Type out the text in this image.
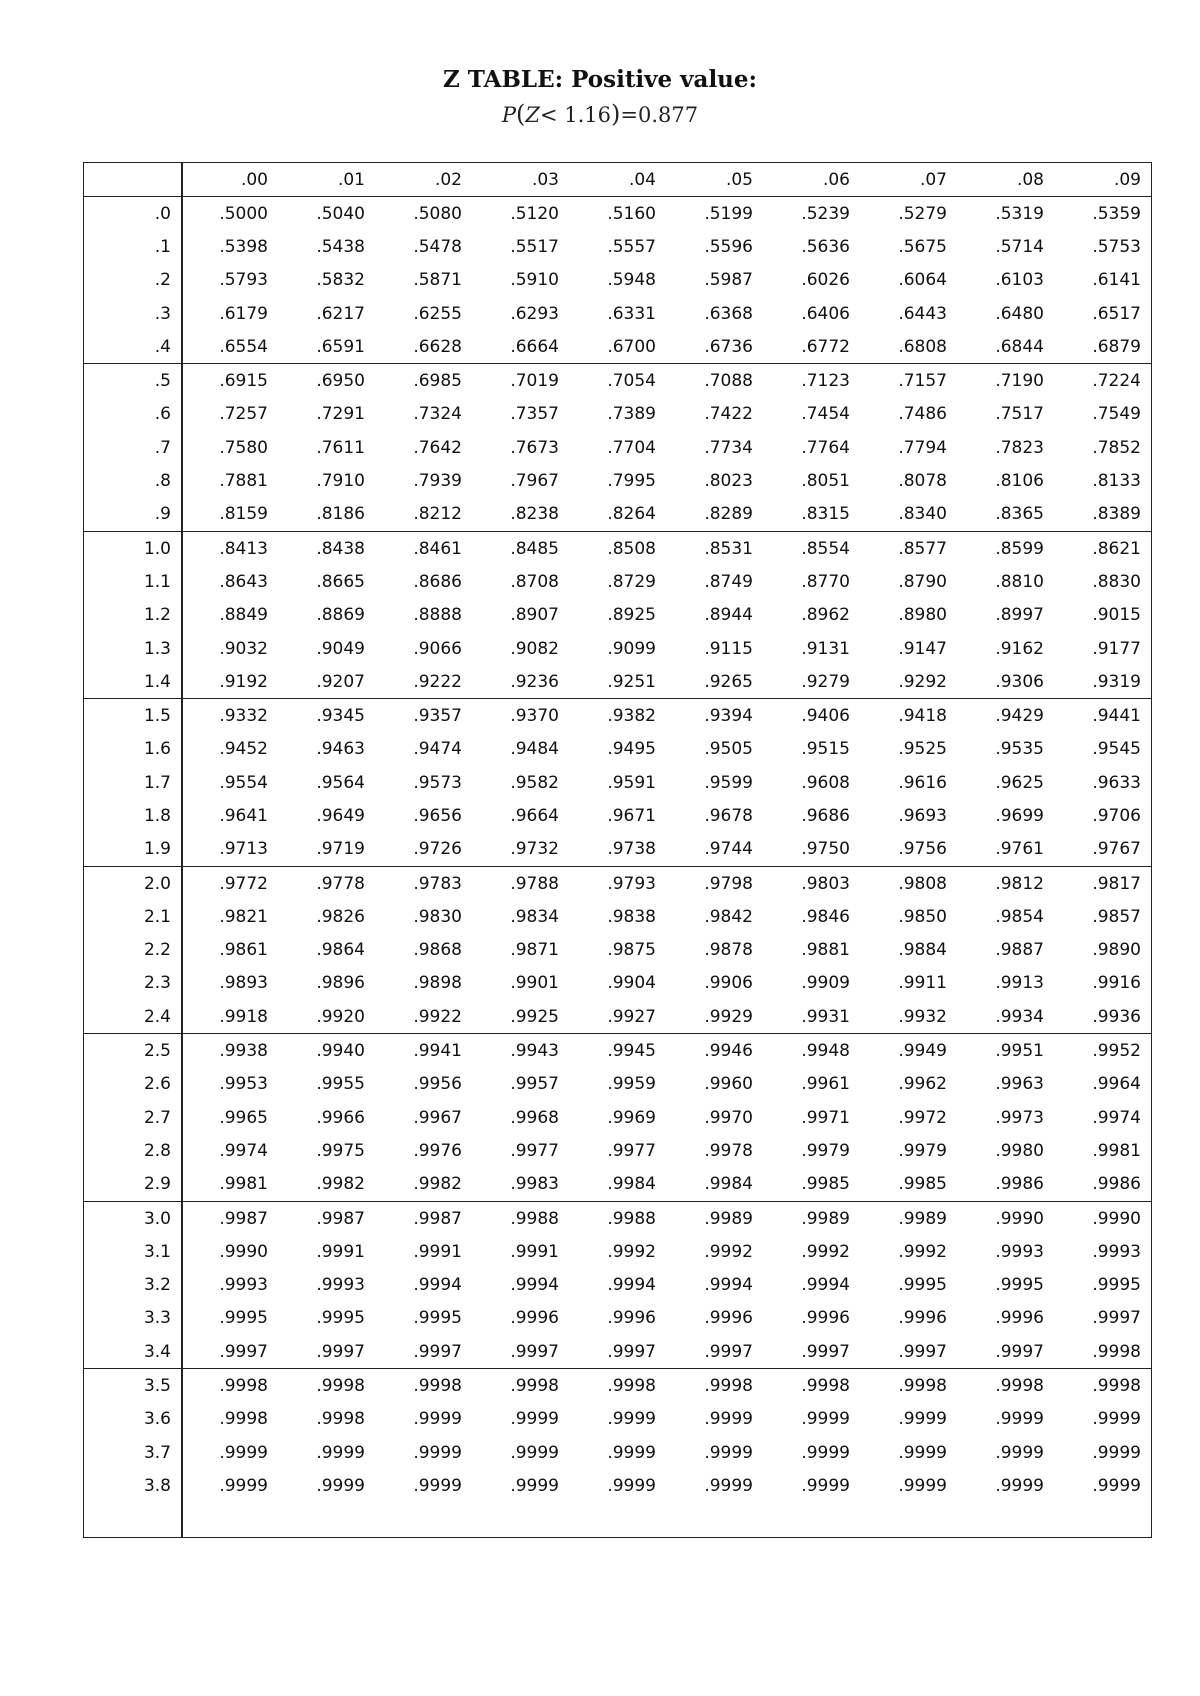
Z TABLE: Positive value:
P(Z< 1.16)=0.877
	.00	.01	.02	.03	.04	.05	.06	.07	.08	.09
.0	.5000	.5040	.5080	.5120	.5160	.5199	.5239	.5279	.5319	.5359
.1	.5398	.5438	.5478	.5517	.5557	.5596	.5636	.5675	.5714	.5753
.2	.5793	.5832	.5871	.5910	.5948	.5987	.6026	.6064	.6103	.6141
.3	.6179	.6217	.6255	.6293	.6331	.6368	.6406	.6443	.6480	.6517
.4	.6554	.6591	.6628	.6664	.6700	.6736	.6772	.6808	.6844	.6879
.5	.6915	.6950	.6985	.7019	.7054	.7088	.7123	.7157	.7190	.7224
.6	.7257	.7291	.7324	.7357	.7389	.7422	.7454	.7486	.7517	.7549
.7	.7580	.7611	.7642	.7673	.7704	.7734	.7764	.7794	.7823	.7852
.8	.7881	.7910	.7939	.7967	.7995	.8023	.8051	.8078	.8106	.8133
.9	.8159	.8186	.8212	.8238	.8264	.8289	.8315	.8340	.8365	.8389
1.0	.8413	.8438	.8461	.8485	.8508	.8531	.8554	.8577	.8599	.8621
1.1	.8643	.8665	.8686	.8708	.8729	.8749	.8770	.8790	.8810	.8830
1.2	.8849	.8869	.8888	.8907	.8925	.8944	.8962	.8980	.8997	.9015
1.3	.9032	.9049	.9066	.9082	.9099	.9115	.9131	.9147	.9162	.9177
1.4	.9192	.9207	.9222	.9236	.9251	.9265	.9279	.9292	.9306	.9319
1.5	.9332	.9345	.9357	.9370	.9382	.9394	.9406	.9418	.9429	.9441
1.6	.9452	.9463	.9474	.9484	.9495	.9505	.9515	.9525	.9535	.9545
1.7	.9554	.9564	.9573	.9582	.9591	.9599	.9608	.9616	.9625	.9633
1.8	.9641	.9649	.9656	.9664	.9671	.9678	.9686	.9693	.9699	.9706
1.9	.9713	.9719	.9726	.9732	.9738	.9744	.9750	.9756	.9761	.9767
2.0	.9772	.9778	.9783	.9788	.9793	.9798	.9803	.9808	.9812	.9817
2.1	.9821	.9826	.9830	.9834	.9838	.9842	.9846	.9850	.9854	.9857
2.2	.9861	.9864	.9868	.9871	.9875	.9878	.9881	.9884	.9887	.9890
2.3	.9893	.9896	.9898	.9901	.9904	.9906	.9909	.9911	.9913	.9916
2.4	.9918	.9920	.9922	.9925	.9927	.9929	.9931	.9932	.9934	.9936
2.5	.9938	.9940	.9941	.9943	.9945	.9946	.9948	.9949	.9951	.9952
2.6	.9953	.9955	.9956	.9957	.9959	.9960	.9961	.9962	.9963	.9964
2.7	.9965	.9966	.9967	.9968	.9969	.9970	.9971	.9972	.9973	.9974
2.8	.9974	.9975	.9976	.9977	.9977	.9978	.9979	.9979	.9980	.9981
2.9	.9981	.9982	.9982	.9983	.9984	.9984	.9985	.9985	.9986	.9986
3.0	.9987	.9987	.9987	.9988	.9988	.9989	.9989	.9989	.9990	.9990
3.1	.9990	.9991	.9991	.9991	.9992	.9992	.9992	.9992	.9993	.9993
3.2	.9993	.9993	.9994	.9994	.9994	.9994	.9994	.9995	.9995	.9995
3.3	.9995	.9995	.9995	.9996	.9996	.9996	.9996	.9996	.9996	.9997
3.4	.9997	.9997	.9997	.9997	.9997	.9997	.9997	.9997	.9997	.9998
3.5	.9998	.9998	.9998	.9998	.9998	.9998	.9998	.9998	.9998	.9998
3.6	.9998	.9998	.9999	.9999	.9999	.9999	.9999	.9999	.9999	.9999
3.7	.9999	.9999	.9999	.9999	.9999	.9999	.9999	.9999	.9999	.9999
3.8	.9999	.9999	.9999	.9999	.9999	.9999	.9999	.9999	.9999	.9999
